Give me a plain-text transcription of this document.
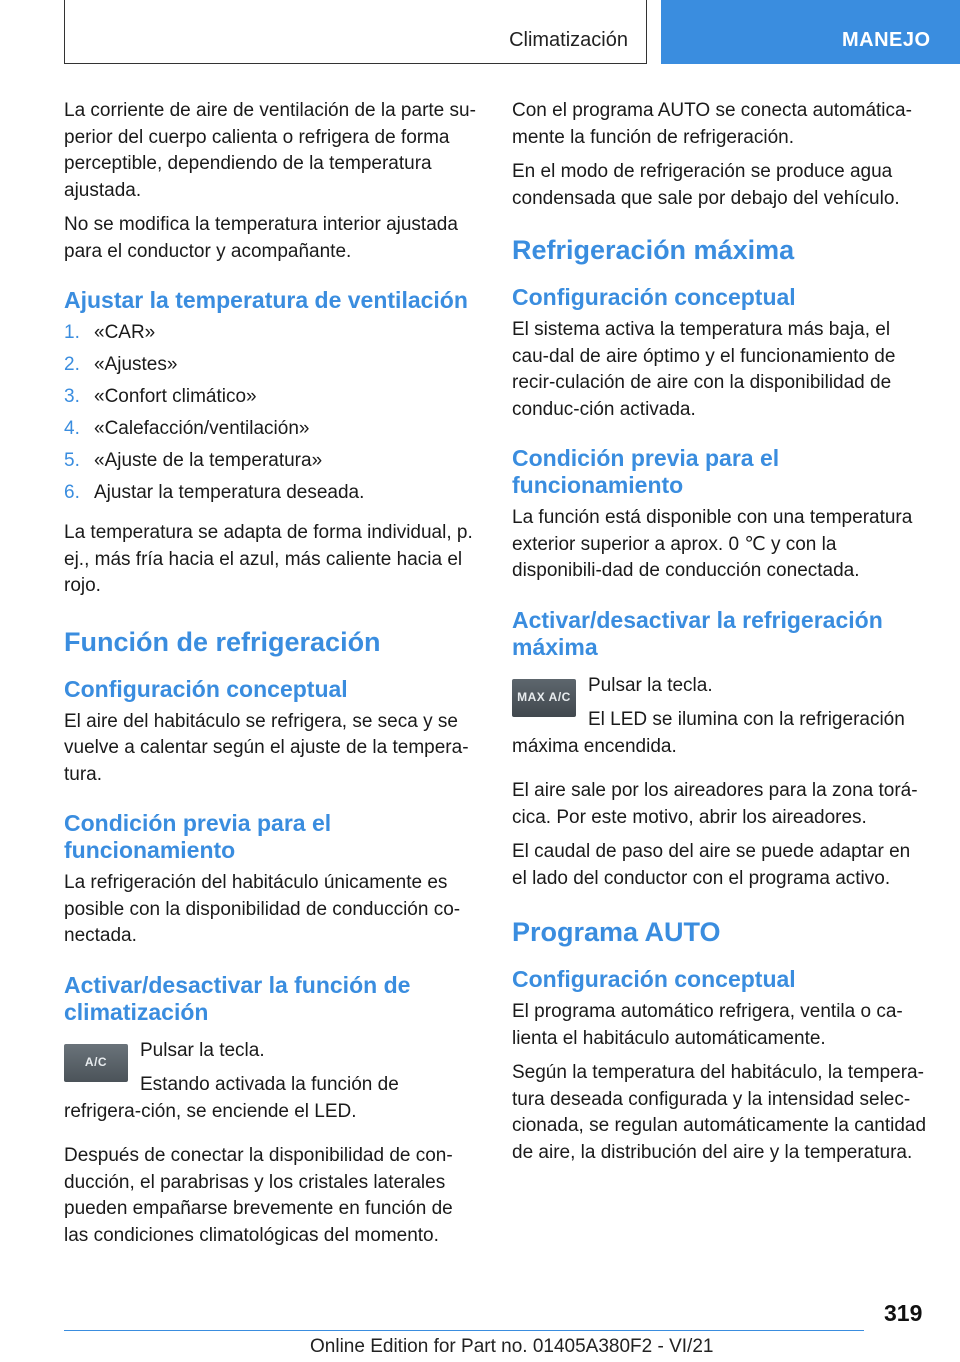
Climatización	MANEJO

La corriente de aire de ventilación de la parte su-perior del cuerpo calienta o refrigera de forma perceptible, dependiendo de la temperatura ajustada.

No se modifica la temperatura interior ajustada para el conductor y acompañante.

Ajustar la temperatura de ventilación
1. «CAR»
2. «Ajustes»
3. «Confort climático»
4. «Calefacción/ventilación»
5. «Ajuste de la temperatura»
6. Ajustar la temperatura deseada.

La temperatura se adapta de forma individual, p. ej., más fría hacia el azul, más caliente hacia el rojo.

Función de refrigeración
Configuración conceptual

El aire del habitáculo se refrigera, se seca y se vuelve a calentar según el ajuste de la tempera-tura.

Condición previa para el funcionamiento

La refrigeración del habitáculo únicamente es posible con la disponibilidad de conducción co-nectada.

Activar/desactivar la función de climatización
A/C

Pulsar la tecla.

Estando activada la función de refrigera-ción, se enciende el LED.

Después de conectar la disponibilidad de con-ducción, el parabrisas y los cristales laterales pueden empañarse brevemente en función de las condiciones climatológicas del momento.

Con el programa AUTO se conecta automática-mente la función de refrigeración.

En el modo de refrigeración se produce agua condensada que sale por debajo del vehículo.

Refrigeración máxima
Configuración conceptual

El sistema activa la temperatura más baja, el cau-dal de aire óptimo y el funcionamiento de recir-culación de aire con la disponibilidad de conduc-ción activada.

Condición previa para el funcionamiento

La función está disponible con una temperatura exterior superior a aprox. 0 ℃ y con la disponibili-dad de conducción conectada.

Activar/desactivar la refrigeración máxima
MAX A/C

Pulsar la tecla.

El LED se ilumina con la refrigeración máxima encendida.

El aire sale por los aireadores para la zona torá-cica. Por este motivo, abrir los aireadores.

El caudal de paso del aire se puede adaptar en el lado del conductor con el programa activo.

Programa AUTO
Configuración conceptual

El programa automático refrigera, ventila o ca-lienta el habitáculo automáticamente.

Según la temperatura del habitáculo, la tempera-tura deseada configurada y la intensidad selec-cionada, se regulan automáticamente la cantidad de aire, la distribución del aire y la temperatura.

319
Online Edition for Part no. 01405A380F2 - VI/21
